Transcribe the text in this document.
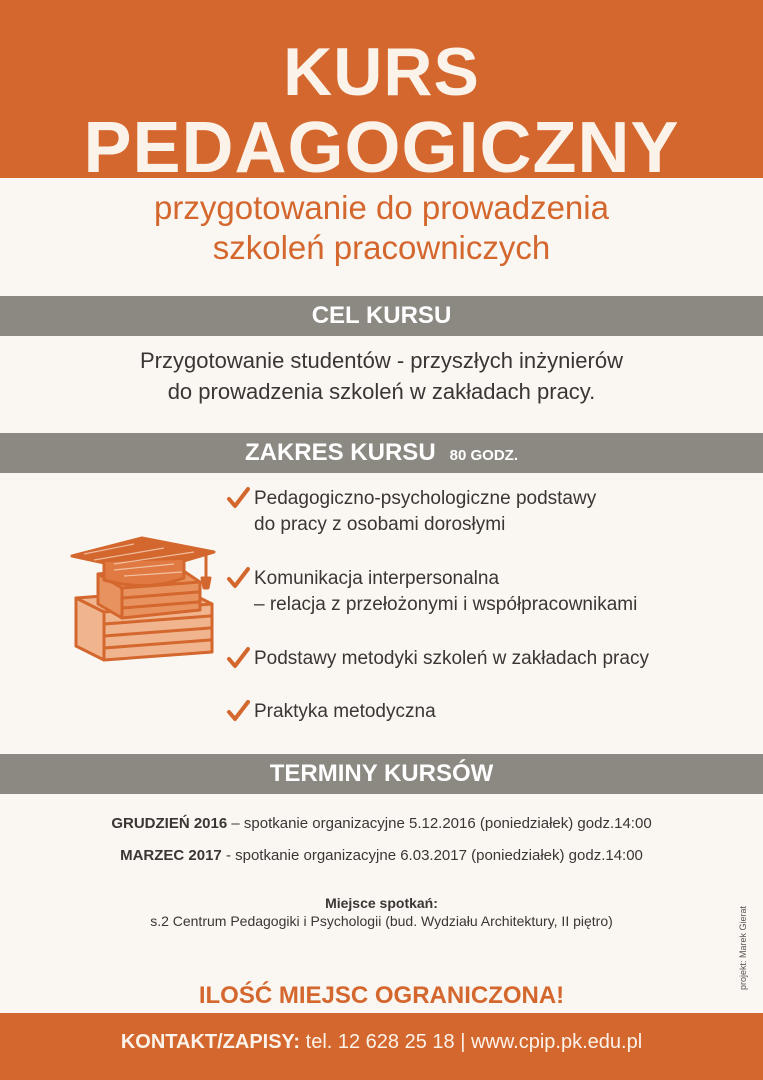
KURS
PEDAGOGICZNY
przygotowanie do prowadzenia
szkoleń pracowniczych
CEL KURSU
Przygotowanie studentów - przyszłych inżynierów
do prowadzenia szkoleń w zakładach pracy.
ZAKRES KURSU 80 GODZ.
Pedagogiczno-psychologiczne podstawy
do pracy z osobami dorosłymi
Komunikacja interpersonalna
– relacja z przełożonymi i współpracownikami
Podstawy metodyki szkoleń w zakładach pracy
Praktyka metodyczna
TERMINY KURSÓW
GRUDZIEŃ 2016 – spotkanie organizacyjne 5.12.2016 (poniedziałek) godz.14:00
MARZEC 2017 - spotkanie organizacyjne 6.03.2017 (poniedziałek) godz.14:00
Miejsce spotkań:
s.2 Centrum Pedagogiki i Psychologii (bud. Wydziału Architektury, II piętro)	projekt: Marek Gierat
ILOŚĆ MIEJSC OGRANICZONA!
KONTAKT/ZAPISY: tel. 12 628 25 18 | www.cpip.pk.edu.pl
